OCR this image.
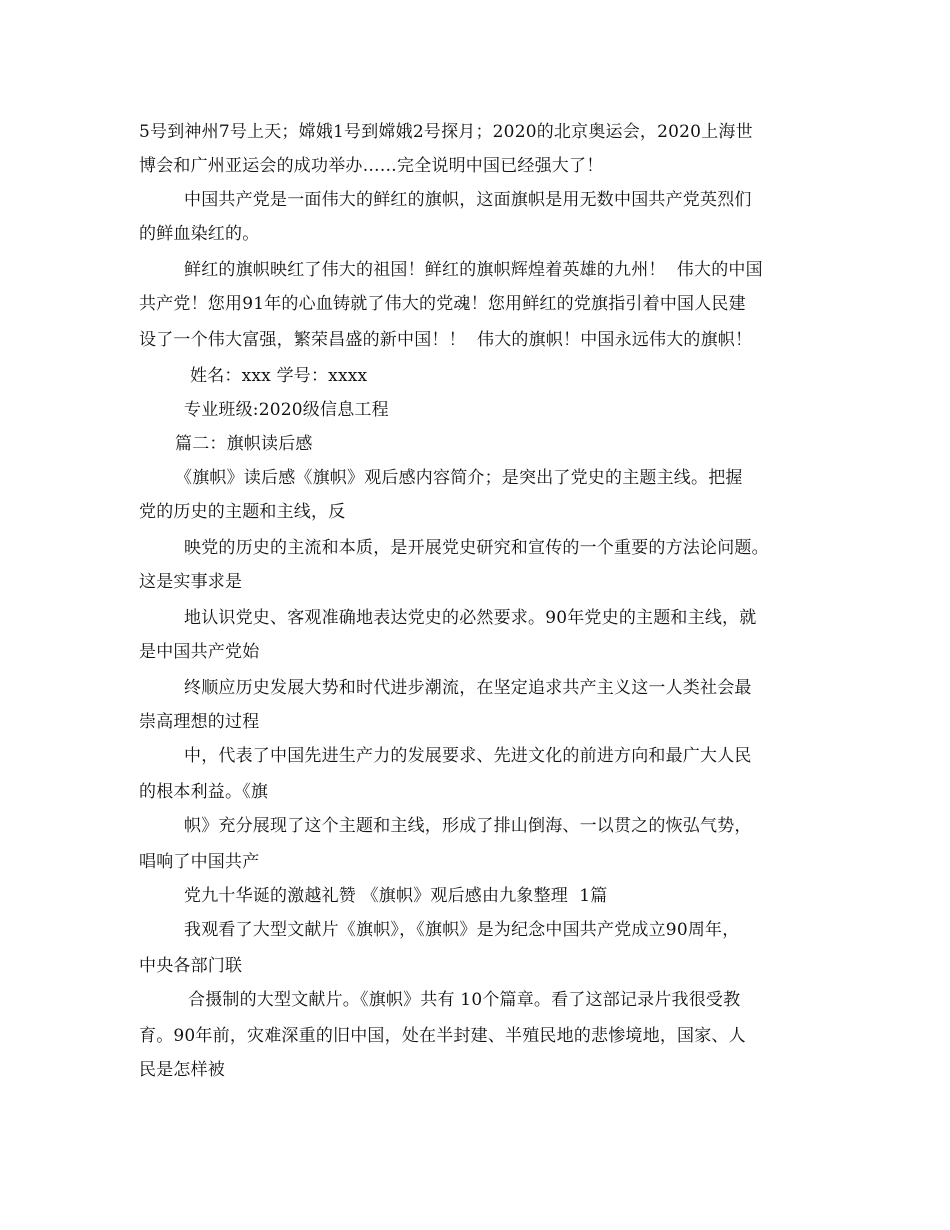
5号到神州7号上天；嫦娥1号到嫦娥2号探月；2020的北京奥运会，2020上海世
博会和广州亚运会的成功举办……完全说明中国已经强大了！
中国共产党是一面伟大的鲜红的旗帜，这面旗帜是用无数中国共产党英烈们
的鲜血染红的。
鲜红的旗帜映红了伟大的祖国！鲜红的旗帜辉煌着英雄的九州！  伟大的中国
共产党！您用91年的心血铸就了伟大的党魂！您用鲜红的党旗指引着中国人民建
设了一个伟大富强，繁荣昌盛的新中国！！  伟大的旗帜！中国永远伟大的旗帜！
姓名：xxx 学号：xxxx
专业班级:2020级信息工程
篇二：旗帜读后感
《旗帜》读后感《旗帜》观后感内容简介；是突出了党史的主题主线。把握
党的历史的主题和主线，反
映党的历史的主流和本质，是开展党史研究和宣传的一个重要的方法论问题。
这是实事求是
地认识党史、客观准确地表达党史的必然要求。90年党史的主题和主线，就
是中国共产党始
终顺应历史发展大势和时代进步潮流，在坚定追求共产主义这一人类社会最
崇高理想的过程
中，代表了中国先进生产力的发展要求、先进文化的前进方向和最广大人民
的根本利益。《旗
帜》充分展现了这个主题和主线，形成了排山倒海、一以贯之的恢弘气势，
唱响了中国共产
党九十华诞的激越礼赞 《旗帜》观后感由九象整理  1篇
我观看了大型文献片《旗帜》，《旗帜》是为纪念中国共产党成立90周年，
中央各部门联
合摄制的大型文献片。《旗帜》共有 10个篇章。看了这部记录片我很受教
育。90年前，灾难深重的旧中国，处在半封建、半殖民地的悲惨境地，国家、人
民是怎样被
